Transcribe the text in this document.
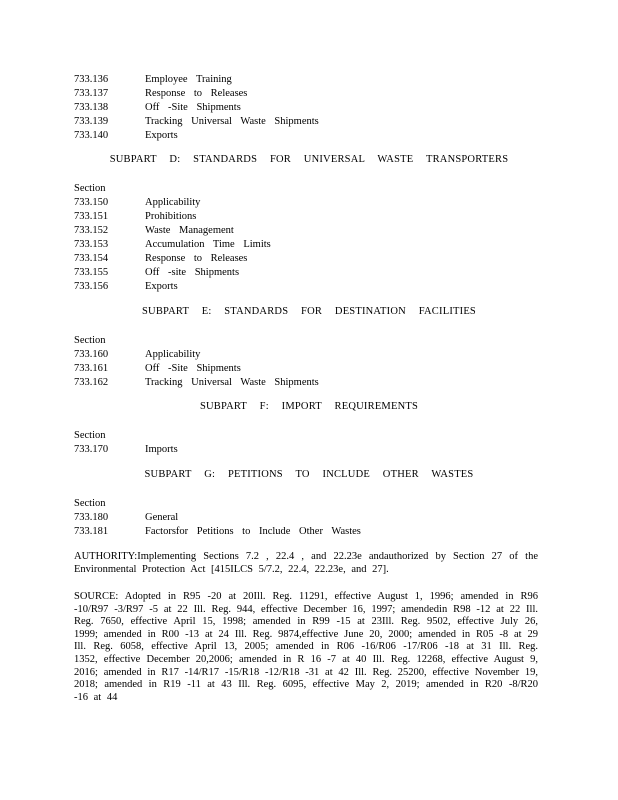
733.136	Employee Training
733.137	Response to Releases
733.138	Off -Site Shipments
733.139	Tracking Universal Waste Shipments
733.140	Exports
SUBPART D: STANDARDS FOR UNIVERSAL WASTE TRANSPORTERS
Section
733.150	Applicability
733.151	Prohibitions
733.152	Waste Management
733.153	Accumulation Time Limits
733.154	Response to Releases
733.155	Off -site Shipments
733.156	Exports
SUBPART E: STANDARDS FOR DESTINATION FACILITIES
Section
733.160	Applicability
733.161	Off -Site Shipments
733.162	Tracking Universal Waste Shipments
SUBPART F: IMPORT REQUIREMENTS
Section
733.170	Imports
SUBPART G: PETITIONS TO INCLUDE OTHER WASTES
Section
733.180	General
733.181	Factorsfor Petitions to Include Other Wastes
AUTHORITY:Implementing Sections 7.2 , 22.4 , and 22.23e andauthorized by Section 27 of the Environmental Protection Act [415ILCS 5/7.2, 22.4, 22.23e, and 27].
SOURCE: Adopted in R95 -20 at 20Ill. Reg. 11291, effective August 1, 1996; amended in R96 -10/R97 -3/R97 -5 at 22 Ill. Reg. 944, effective December 16, 1997; amendedin R98 -12 at 22 Ill. Reg. 7650, effective April 15, 1998; amended in R99 -15 at 23Ill. Reg. 9502, effective July 26, 1999; amended in R00 -13 at 24 Ill. Reg. 9874,effective June 20, 2000; amended in R05 -8 at 29 Ill. Reg. 6058, effective April 13, 2005; amended in R06 -16/R06 -17/R06 -18 at 31 Ill. Reg. 1352, effective December 20,2006; amended in R 16 -7 at 40 Ill. Reg. 12268, effective August 9, 2016; amended in R17 -14/R17 -15/R18 -12/R18 -31 at 42 Ill. Reg. 25200, effective November 19, 2018; amended in R19 -11 at 43 Ill. Reg. 6095, effective May 2, 2019; amended in R20 -8/R20 -16 at 44
